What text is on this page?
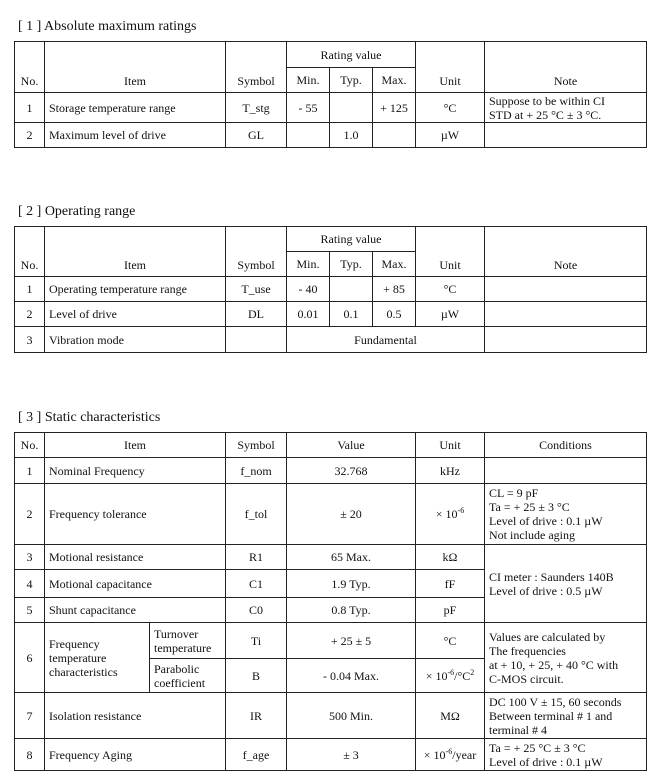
[ 1 ] Absolute maximum ratings
No.	Item	Symbol	Rating value			Unit	Note
			Min.	Typ.	Max.		
1	Storage temperature range	T_stg	- 55		+ 125	°C	Suppose to be within CI
STD at + 25 °C ± 3 °C.

2	Maximum level of drive	GL		1.0		µW	
[ 2 ] Operating range
No.	Item	Symbol	Rating value			Unit	Note
			Min.	Typ.	Max.		
1	Operating temperature range	T_use	- 40		+ 85	°C	
2	Level of drive	DL	0.01	0.1	0.5	µW	
3	Vibration mode		Fundamental				
[ 3 ] Static characteristics
No.	Item		Symbol	Value	Unit	Conditions
1	Nominal Frequency		f_nom	32.768	kHz	
2	Frequency tolerance		f_tol	± 20	× $10^{-6}$	CL = 9 pF
Ta = + 25 ± 3 °C
Level of drive : 0.1 µW
Not include aging

3	Motional resistance		R1	65 Max.	kΩ	
4	Motional capacitance		C1	1.9 Typ.	fF	CI meter : Saunders 140B
Level of drive : 0.5 µW

5	Shunt capacitance		C0	0.8 Typ.	pF	
6	Frequency
temperature
characteristics	Turnover
temperature	Ti	+ 25 ± 5	°C	Values are calculated by
The frequencies
at + 10, + 25, + 40 °C with
C-MOS circuit.

		Parabolic
coefficient	B	- 0.04 Max.	× $10^{-6}/^\circ C^2$
7	Isolation resistance		IR	500 Min.	MΩ	DC 100 V ± 15, 60 seconds
Between terminal # 1 and
terminal # 4

8	Frequency Aging		f_age	± 3	× $10^{-6}$/year	Ta = + 25 °C ± 3 °C
Level of drive : 0.1 µW
